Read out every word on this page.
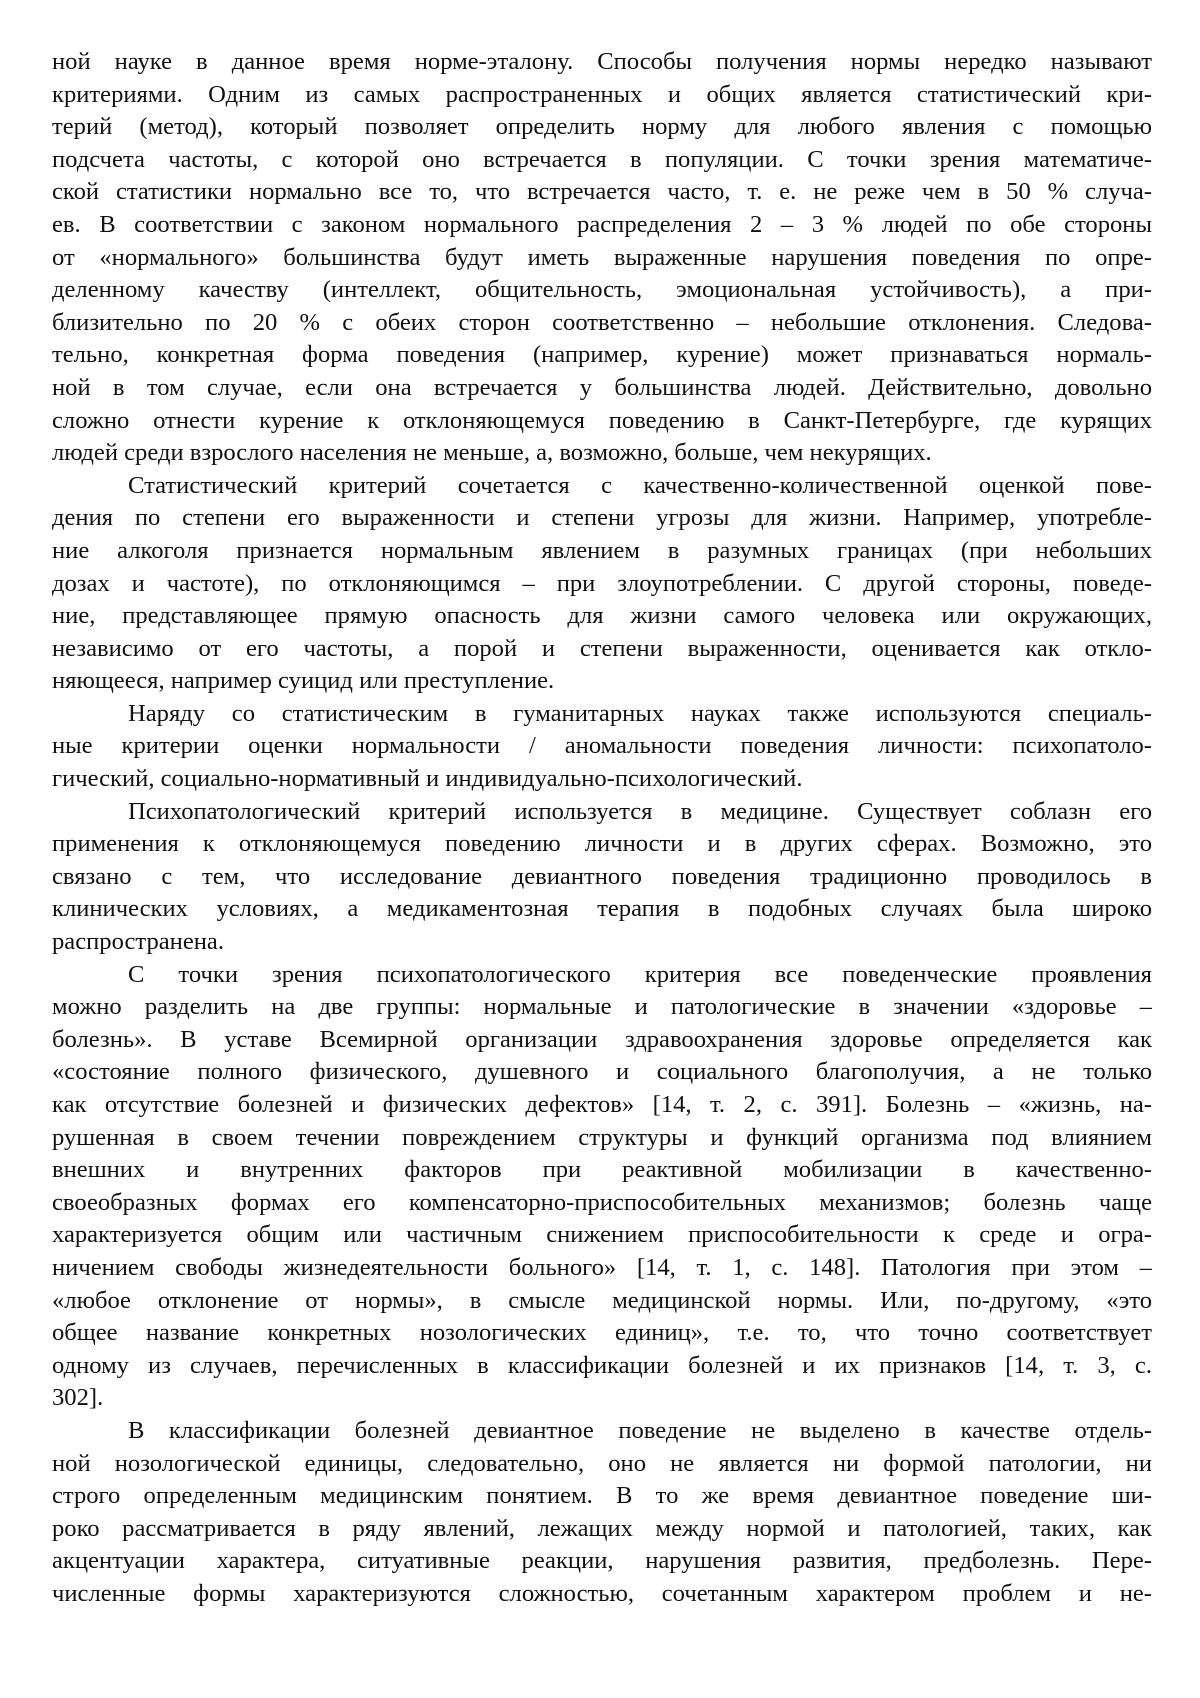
ной науке в данное время норме-эталону. Способы получения нормы нередко называют
критериями. Одним из самых распространенных и общих является статистический кри-
терий (метод), который позволяет определить норму для любого явления с помощью
подсчета частоты, с которой оно встречается в популяции. С точки зрения математиче-
ской статистики нормально все то, что встречается часто, т. е. не реже чем в 50 % случа-
ев. В соответствии с законом нормального распределения 2 – 3 % людей по обе стороны
от «нормального» большинства будут иметь выраженные нарушения поведения по опре-
деленному качеству (интеллект, общительность, эмоциональная устойчивость), а при-
близительно по 20 % с обеих сторон соответственно – небольшие отклонения. Следова-
тельно, конкретная форма поведения (например, курение) может признаваться нормаль-
ной в том случае, если она встречается у большинства людей. Действительно, довольно
сложно отнести курение к отклоняющемуся поведению в Санкт-Петербурге, где курящих
людей среди взрослого населения не меньше, а, возможно, больше, чем некурящих.

Статистический критерий сочетается с качественно-количественной оценкой пове-
дения по степени его выраженности и степени угрозы для жизни. Например, употребле-
ние алкоголя признается нормальным явлением в разумных границах (при небольших
дозах и частоте), по отклоняющимся – при злоупотреблении. С другой стороны, поведе-
ние, представляющее прямую опасность для жизни самого человека или окружающих,
независимо от его частоты, а порой и степени выраженности, оценивается как откло-
няющееся, например суицид или преступление.

Наряду со статистическим в гуманитарных науках также используются специаль-
ные критерии оценки нормальности / аномальности поведения личности: психопатоло-
гический, социально-нормативный и индивидуально-психологический.

Психопатологический критерий используется в медицине. Существует соблазн его
применения к отклоняющемуся поведению личности и в других сферах. Возможно, это
связано с тем, что исследование девиантного поведения традиционно проводилось в
клинических условиях, а медикаментозная терапия в подобных случаях была широко
распространена.

С точки зрения психопатологического критерия все поведенческие проявления
можно разделить на две группы: нормальные и патологические в значении «здоровье –
болезнь». В уставе Всемирной организации здравоохранения здоровье определяется как
«состояние полного физического, душевного и социального благополучия, а не только
как отсутствие болезней и физических дефектов» [14, т. 2, с. 391]. Болезнь – «жизнь, на-
рушенная в своем течении повреждением структуры и функций организма под влиянием
внешних и внутренних факторов при реактивной мобилизации в качественно-
своеобразных формах его компенсаторно-приспособительных механизмов; болезнь чаще
характеризуется общим или частичным снижением приспособительности к среде и огра-
ничением свободы жизнедеятельности больного» [14, т. 1, с. 148]. Патология при этом –
«любое отклонение от нормы», в смысле медицинской нормы. Или, по-другому, «это
общее название конкретных нозологических единиц», т.е. то, что точно соответствует
одному из случаев, перечисленных в классификации болезней и их признаков [14, т. 3, с.
302].

В классификации болезней девиантное поведение не выделено в качестве отдель-
ной нозологической единицы, следовательно, оно не является ни формой патологии, ни
строго определенным медицинским понятием. В то же время девиантное поведение ши-
роко рассматривается в ряду явлений, лежащих между нормой и патологией, таких, как
акцентуации характера, ситуативные реакции, нарушения развития, предболезнь. Пере-
численные формы характеризуются сложностью, сочетанным характером проблем и не-
